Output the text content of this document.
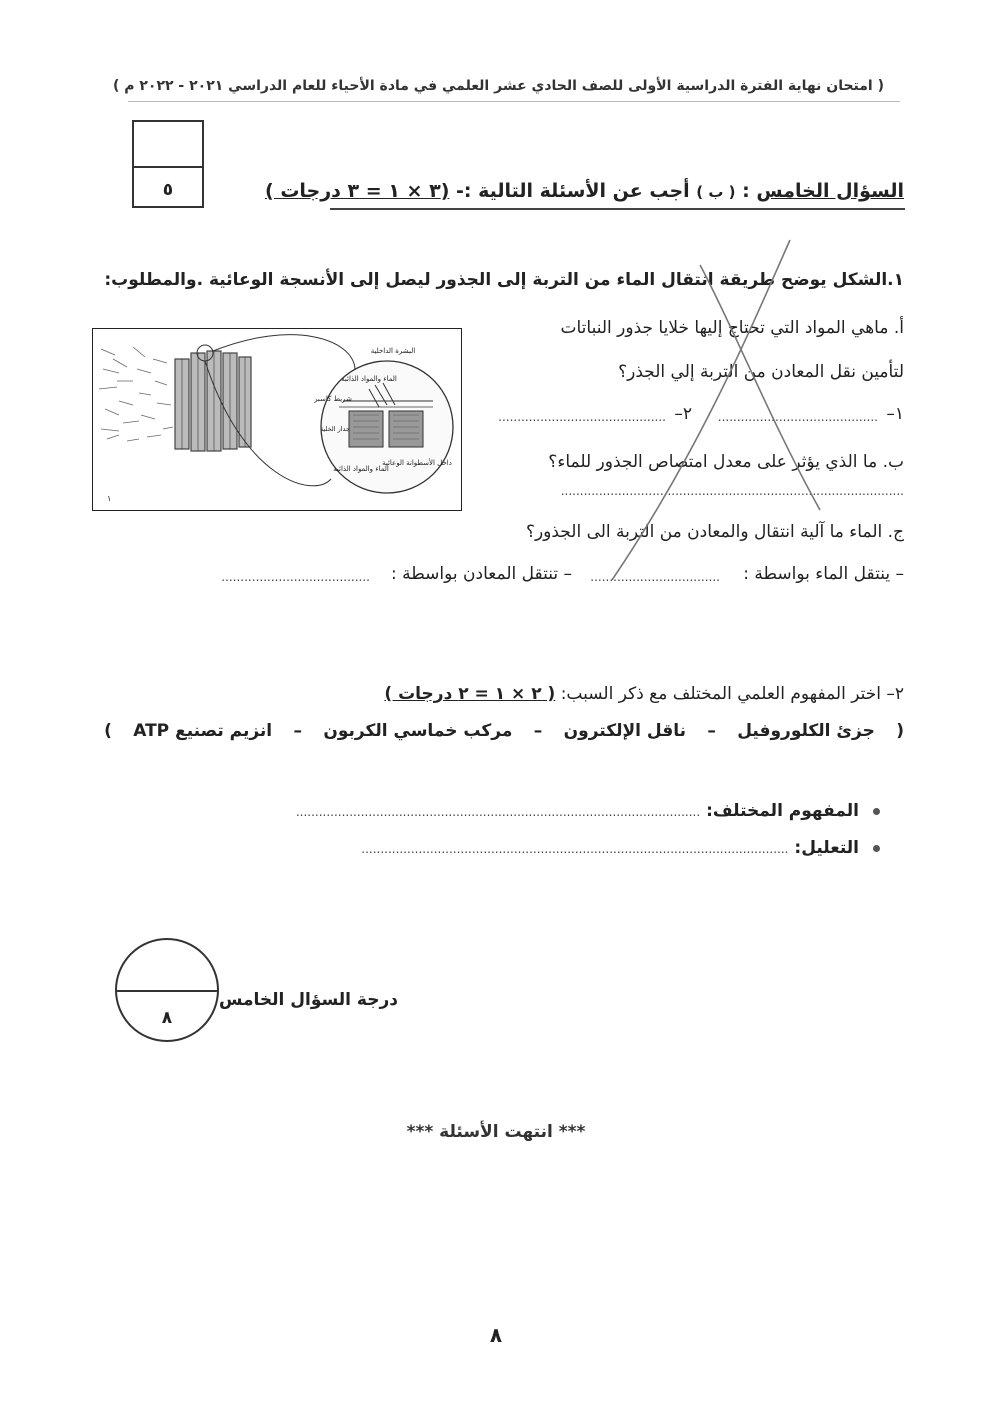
( امتحان نهاية الفترة الدراسية الأولى للصف الحادي عشر العلمي في مادة الأحياء للعام الدراسي ٢٠٢١ - ٢٠٢٢ م )
٥	السؤال الخامس : ( ب ) أجب عن الأسئلة التالية :- (٣ × ١ = ٣ درجات )
١.الشكل يوضح طريقة انتقال الماء من التربة إلى الجذور ليصل إلى الأنسجة الوعائية .والمطلوب:
أ. ماهي المواد التي تحتاج إليها خلايا جذور النباتات
لتأمين نقل المعادن من التربة إلي الجذر؟
١–
..........................................
٢–
............................................
ب. ما الذي يؤثر على معدل امتصاص الجذور للماء؟
..........................................................................................
ج. الماء ما آلية انتقال والمعادن من التربة الى الجذور؟
– ينتقل الماء بواسطة :
..................................
– تنتقل المعادن بواسطة :
.......................................
البشرة الداخلية
الماء والمواد الذائبة
شريط كاسبر
جدار الخلية
الماء والمواد الذائبة
داخل الأسطوانة الوعائية
١
٢– اختر المفهوم العلمي المختلف مع ذكر السبب: ( ٢ × ١ = ٢ درجات )
(
جزئ الكلوروفيل
–
ناقل الإلكترون
–
مركب خماسي الكربون
–
انزيم تصنيع ATP
)
المفهوم المختلف: ..........................................................................................................
التعليل: ................................................................................................................
٨
درجة السؤال الخامس
*** انتهت الأسئلة ***
٨
